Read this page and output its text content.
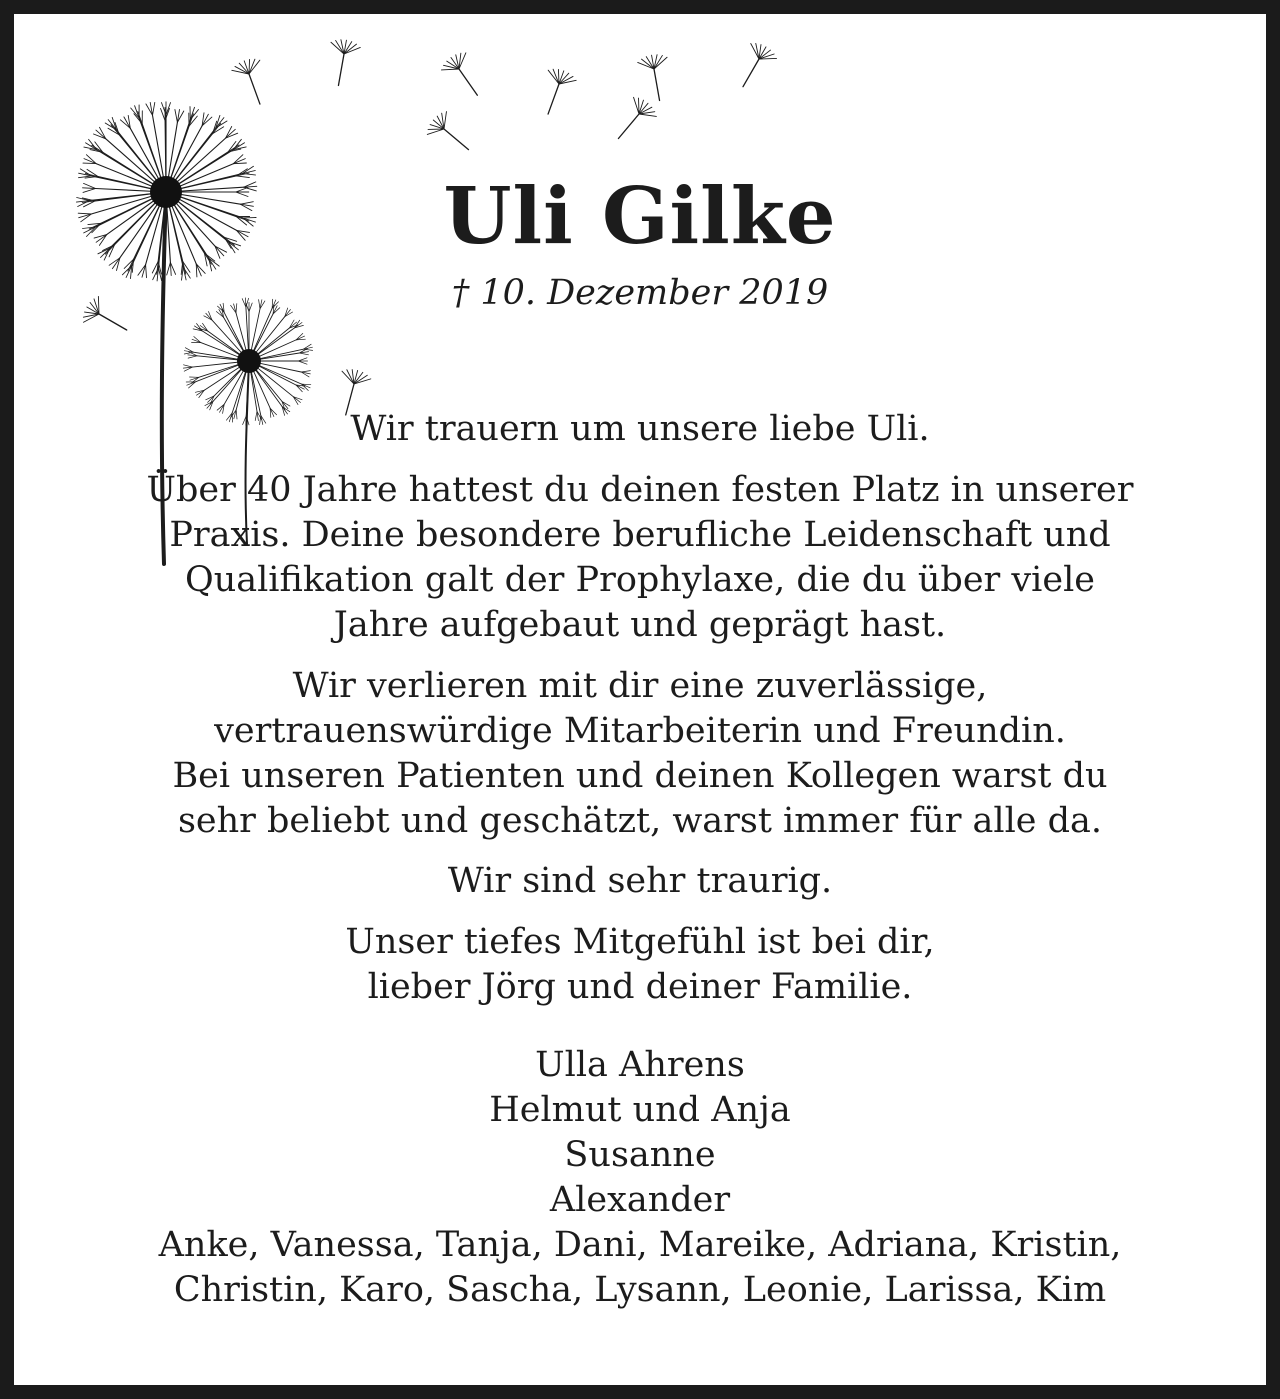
Uli Gilke
† 10. Dezember 2019
Wir trauern um unsere liebe Uli.
Über 40 Jahre hattest du deinen festen Platz in unserer
Praxis. Deine besondere berufliche Leidenschaft und
Qualifikation galt der Prophylaxe, die du über viele
Jahre aufgebaut und geprägt hast.
Wir verlieren mit dir eine zuverlässige,
vertrauenswürdige Mitarbeiterin und Freundin.
Bei unseren Patienten und deinen Kollegen warst du
sehr beliebt und geschätzt, warst immer für alle da.
Wir sind sehr traurig.
Unser tiefes Mitgefühl ist bei dir,
lieber Jörg und deiner Familie.
Ulla Ahrens
Helmut und Anja
Susanne
Alexander
Anke, Vanessa, Tanja, Dani, Mareike, Adriana, Kristin,
Christin, Karo, Sascha, Lysann, Leonie, Larissa, Kim
